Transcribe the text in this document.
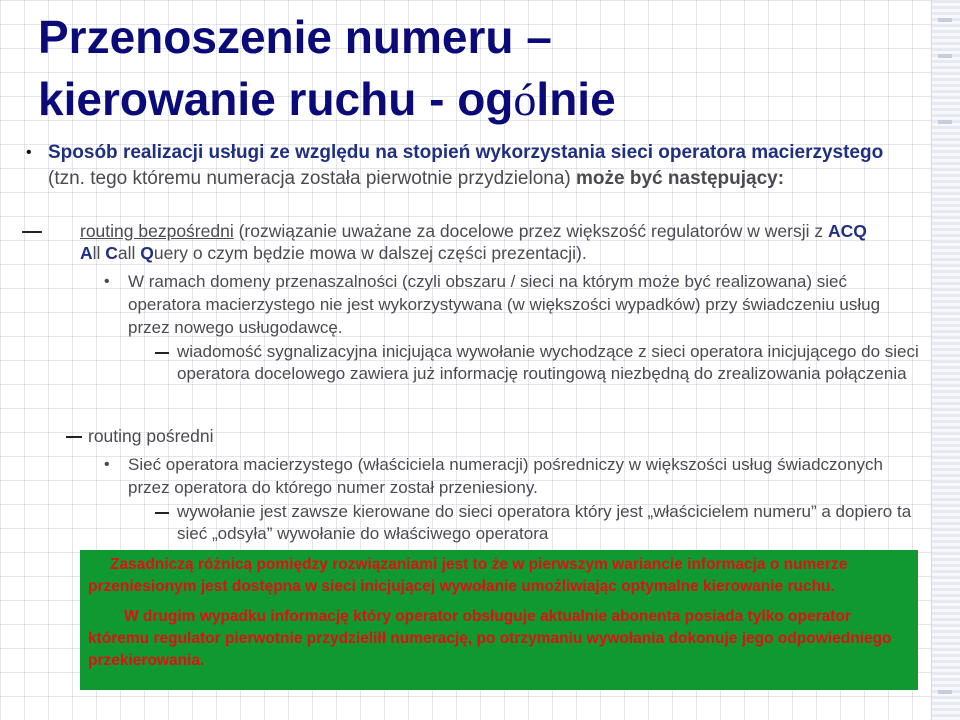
Przenoszenie numeru –
kierowanie ruchu - ogólnie
• Sposób realizacji usługi ze względu na stopień wykorzystania sieci operatora macierzystego (tzn. tego któremu numeracja została pierwotnie przydzielona) może być następujący:
routing bezpośredni (rozwiązanie uważane za docelowe przez większość regulatorów w wersji z ACQ
All Call Query o czym będzie mowa w dalszej części prezentacji).
• W ramach domeny przenaszalności (czyli obszaru / sieci na którym może być realizowana) sieć operatora macierzystego nie jest wykorzystywana (w większości wypadków) przy świadczeniu usług przez nowego usługodawcę.
wiadomość sygnalizacyjna inicjująca wywołanie wychodzące z sieci operatora inicjującego do sieci operatora docelowego zawiera już informację routingową niezbędną do zrealizowania połączenia
routing pośredni
• Sieć operatora macierzystego (właściciela numeracji) pośredniczy w większości usług świadczonych przez operatora do którego numer został przeniesiony.
wywołanie jest zawsze kierowane do sieci operatora który jest „właścicielem numeru” a dopiero ta sieć „odsyła” wywołanie do właściwego operatora

Zasadniczą różnicą pomiędzy rozwiązaniami jest to że w pierwszym wariancie informacja o numerze przeniesionym jest dostępna w sieci inicjującej wywołanie umożliwiając optymalne kierowanie ruchu.

W drugim wypadku informację który operator obsługuje aktualnie abonenta posiada tylko operator któremu regulator pierwotnie przydzieliłł numerację, po otrzymaniu wywołania dokonuje jego odpowiedniego przekierowania.
